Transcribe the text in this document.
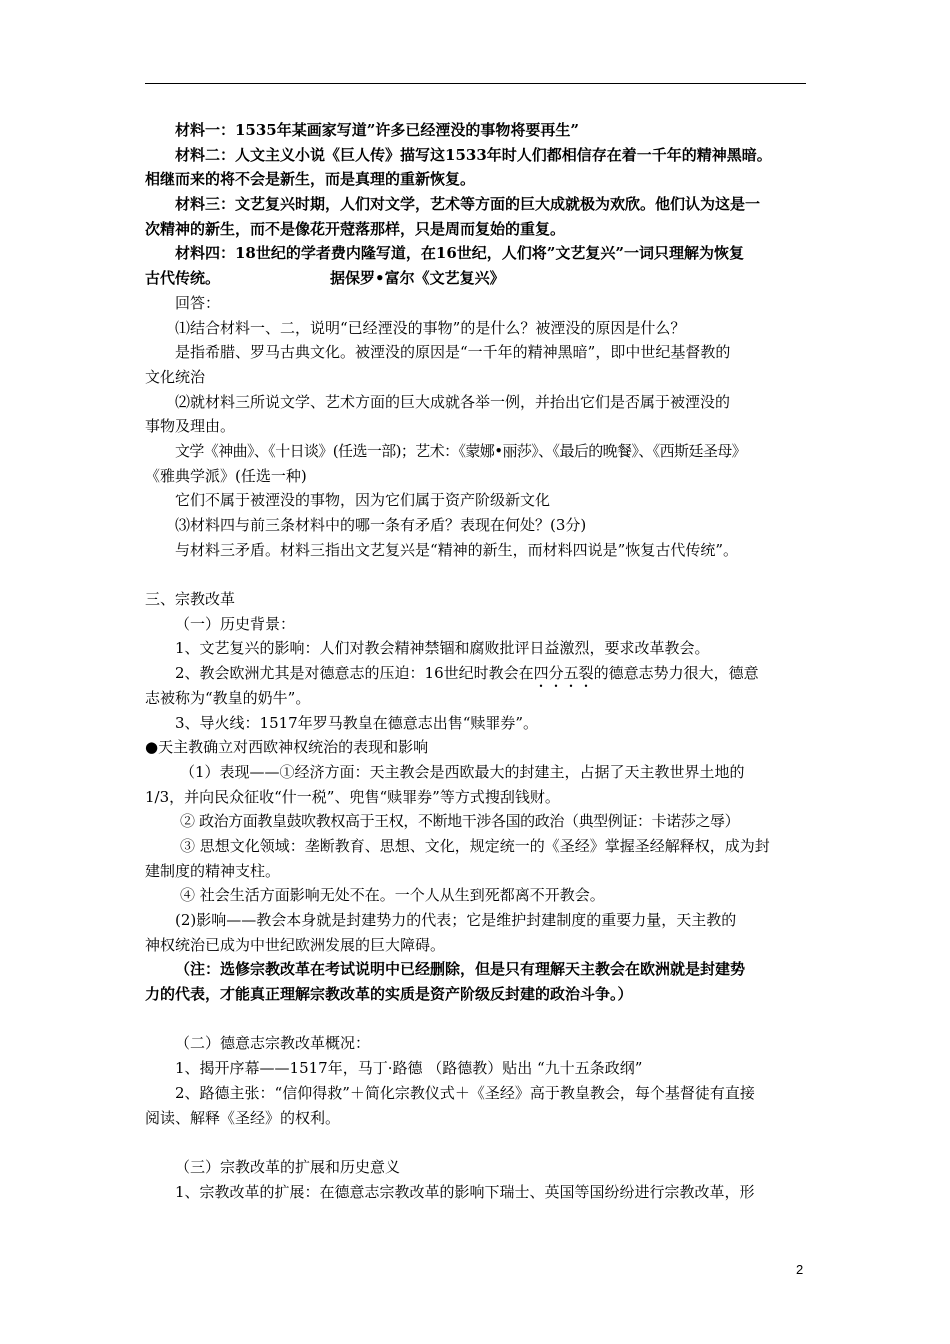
材料一：1535年某画家写道”许多已经湮没的事物将要再生”
材料二：人文主义小说《巨人传》描写这1533年时人们都相信存在着一千年的精神黑暗。
相继而来的将不会是新生，而是真理的重新恢复。
材料三：文艺复兴时期，人们对文学，艺术等方面的巨大成就极为欢欣。他们认为这是一
次精神的新生，而不是像花开蒄落那样，只是周而复始的重复。
材料四：18世纪的学者费内隆写道，在16世纪，人们将”文艺复兴”一词只理解为恢复
古代传统。	据保罗•富尔《文艺复兴》
回答：
⑴结合材料一、二，说明“已经湮没的事物”的是什么？被湮没的原因是什么？
是指希腊、罗马古典文化。被湮没的原因是“一千年的精神黑暗”，即中世纪基督教的
文化统治
⑵就材料三所说文学、艺术方面的巨大成就各举一例，并抬出它们是否属于被湮没的
事物及理由。
文学《神曲》、《十日谈》(任选一部)；艺术：《蒙娜•丽莎》、《最后的晚餐》、《西斯廷圣母》
《雅典学派》(任选一种)
它们不属于被湮没的事物，因为它们属于资产阶级新文化
⑶材料四与前三条材料中的哪一条有矛盾？表现在何处？(3分)
与材料三矛盾。材料三指出文艺复兴是“精神的新生，而材料四说是”恢复古代传统”。
三、宗教改革
（一）历史背景：
1、文艺复兴的影响：人们对教会精神禁锢和腐败批评日益激烈，要求改革教会。
2、教会欧洲尤其是对德意志的压迫：16世纪时教会在四分五裂的德意志势力很大，德意
志被称为“教皇的奶牛”。
3、导火线：1517年罗马教皇在德意志出售“赎罪券”。
●天主教确立对西欧神权统治的表现和影响
（1）表现——①经济方面：天主教会是西欧最大的封建主，占据了天主教世界土地的
1/3，并向民众征收“什一税”、兜售“赎罪券”等方式搜刮钱财。
② 政治方面教皇鼓吹教权高于王权，不断地干涉各国的政治（典型例证：卡诺莎之辱）
③ 思想文化领域：垄断教育、思想、文化，规定统一的《圣经》掌握圣经解释权，成为封
建制度的精神支柱。
④ 社会生活方面影响无处不在。一个人从生到死都离不开教会。
(2)影响——教会本身就是封建势力的代表；它是维护封建制度的重要力量，天主教的
神权统治已成为中世纪欧洲发展的巨大障碍。
（注：选修宗教改革在考试说明中已经删除，但是只有理解天主教会在欧洲就是封建势
力的代表，才能真正理解宗教改革的实质是资产阶级反封建的政治斗争。）
（二）德意志宗教改革概况：
1、揭开序幕——1517年，马丁·路德 （路德教）贴出 “九十五条政纲”
2、路德主张：“信仰得救”＋简化宗教仪式＋《圣经》高于教皇教会，每个基督徒有直接
阅读、解释《圣经》的权利。
（三）宗教改革的扩展和历史意义
1、宗教改革的扩展：在德意志宗教改革的影响下瑞士、英国等国纷纷进行宗教改革，形
2
